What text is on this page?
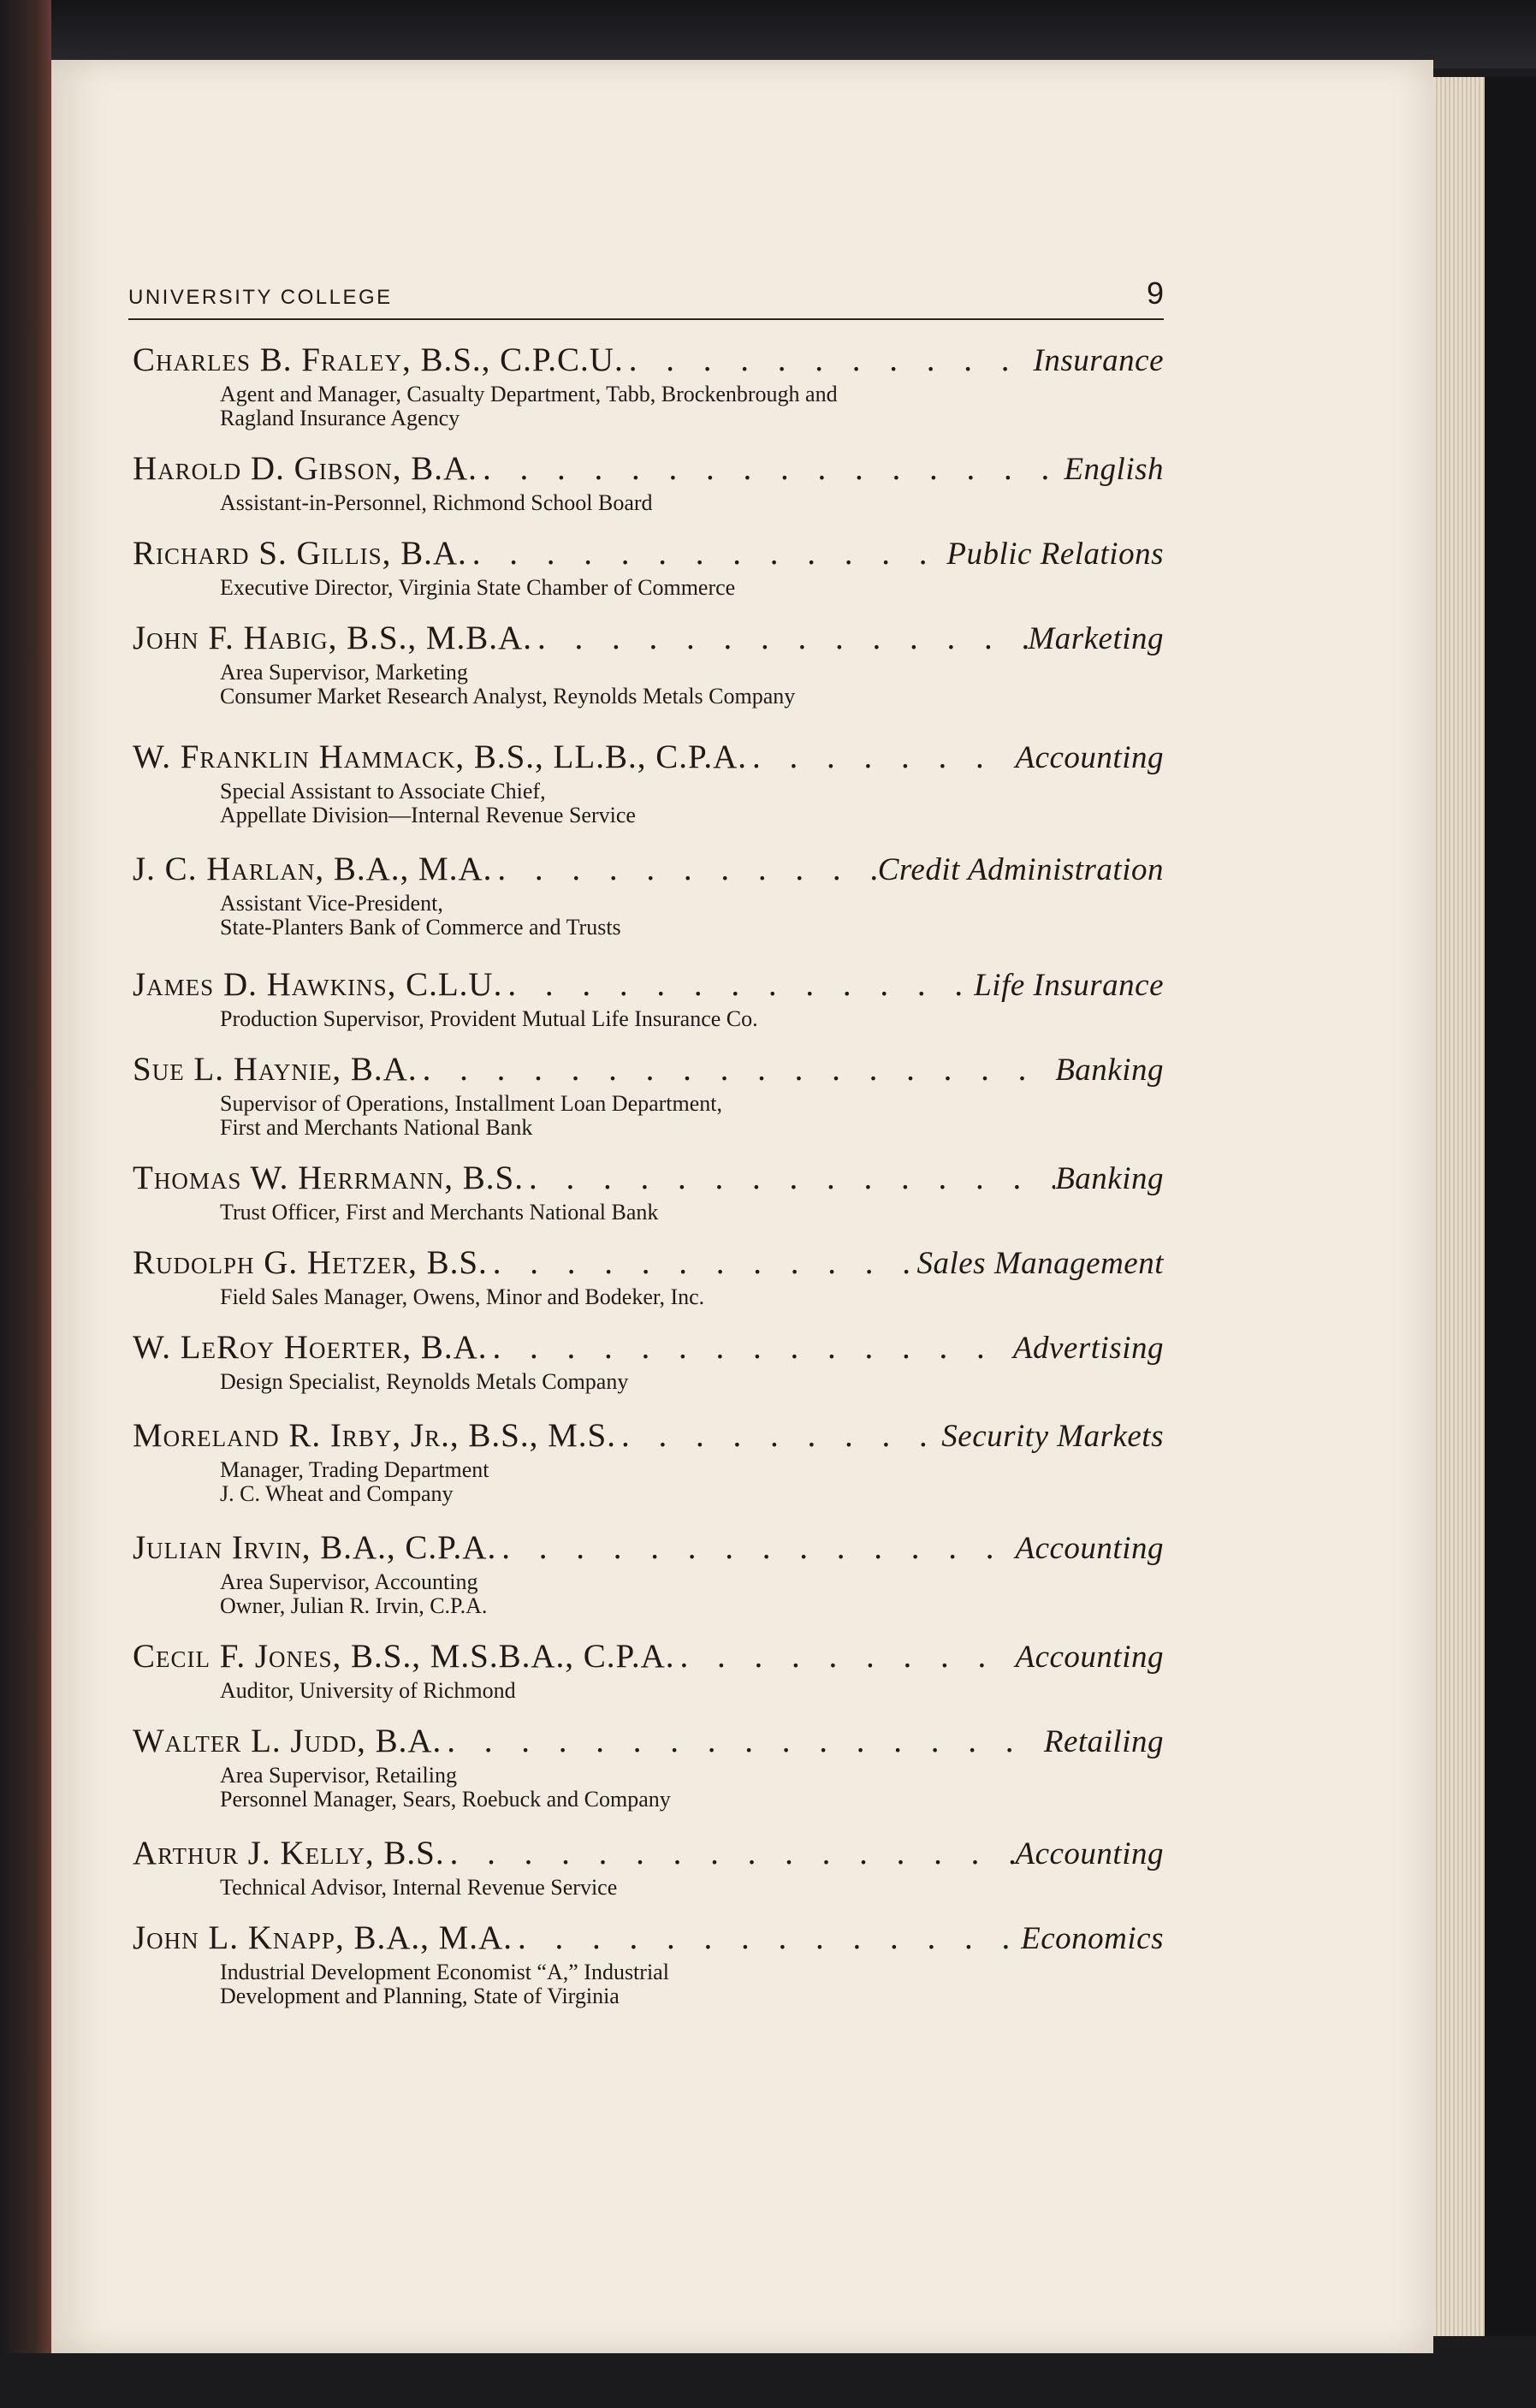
UNIVERSITY COLLEGE	9
Charles B. Fraley, B.S., C.P.C.U. . . .	Insurance
Agent and Manager, Casualty Department, Tabb, Brockenbrough and
Ragland Insurance Agency
Harold D. Gibson, B.A. . . .	English
Assistant-in-Personnel, Richmond School Board
Richard S. Gillis, B.A. . . .	Public Relations
Executive Director, Virginia State Chamber of Commerce
John F. Habig, B.S., M.B.A. . . .	Marketing
Area Supervisor, Marketing
Consumer Market Research Analyst, Reynolds Metals Company
W. Franklin Hammack, B.S., LL.B., C.P.A. . . .	Accounting
Special Assistant to Associate Chief,
Appellate Division—Internal Revenue Service
J. C. Harlan, B.A., M.A. . . .	Credit Administration
Assistant Vice-President,
State-Planters Bank of Commerce and Trusts
James D. Hawkins, C.L.U. . . .	Life Insurance
Production Supervisor, Provident Mutual Life Insurance Co.
Sue L. Haynie, B.A. . . .	Banking
Supervisor of Operations, Installment Loan Department,
First and Merchants National Bank
Thomas W. Herrmann, B.S. . . .	Banking
Trust Officer, First and Merchants National Bank
Rudolph G. Hetzer, B.S. . . .	Sales Management
Field Sales Manager, Owens, Minor and Bodeker, Inc.
W. LeRoy Hoerter, B.A. . . .	Advertising
Design Specialist, Reynolds Metals Company
Moreland R. Irby, Jr., B.S., M.S. . . .	Security Markets
Manager, Trading Department
J. C. Wheat and Company
Julian Irvin, B.A., C.P.A. . . .	Accounting
Area Supervisor, Accounting
Owner, Julian R. Irvin, C.P.A.
Cecil F. Jones, B.S., M.S.B.A., C.P.A. . . .	Accounting
Auditor, University of Richmond
Walter L. Judd, B.A. . . .	Retailing
Area Supervisor, Retailing
Personnel Manager, Sears, Roebuck and Company
Arthur J. Kelly, B.S. . . .	Accounting
Technical Advisor, Internal Revenue Service
John L. Knapp, B.A., M.A. . . .	Economics
Industrial Development Economist “A,” Industrial
Development and Planning, State of Virginia
